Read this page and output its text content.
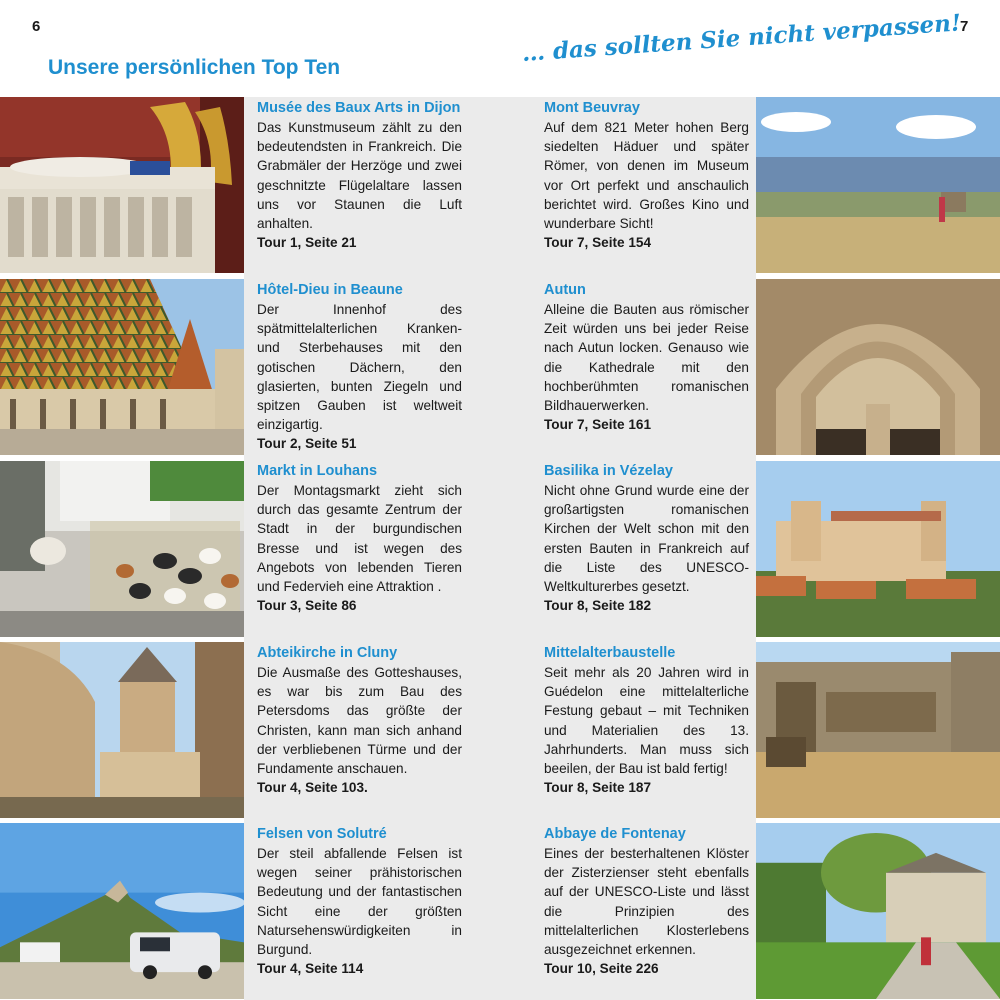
6	7
Unsere persönlichen Top Ten
… das sollten Sie nicht verpassen!
Musée des Baux Arts in Dijon
Das Kunstmuseum zählt zu den bedeutendsten in Frankreich. Die Grabmäler der Herzöge und zwei geschnitzte Flügelaltare lassen uns vor Staunen die Luft anhalten.
Tour 1, Seite 21
Hôtel-Dieu in Beaune
Der Innenhof des spätmittelalterlichen Kranken- und Sterbehauses mit den gotischen Dächern, den glasierten, bunten Ziegeln und spitzen Gauben ist weltweit einzigartig.
Tour 2, Seite 51
Markt in Louhans
Der Montagsmarkt zieht sich durch das gesamte Zentrum der Stadt in der burgundischen Bresse und ist wegen des Angebots von lebenden Tieren und Federvieh eine Attraktion .
Tour 3, Seite 86
Abteikirche in Cluny
Die Ausmaße des Gotteshauses, es war bis zum Bau des Petersdoms das größte der Christen, kann man sich anhand der verbliebenen Türme und der Fundamente anschauen.
Tour 4, Seite 103.
Felsen von Solutré
Der steil abfallende Felsen ist wegen seiner prähistorischen Bedeutung und der fantastischen Sicht eine der größten Natursehenswürdigkeiten in Burgund.
Tour 4, Seite 114
Mont Beuvray
Auf dem 821 Meter hohen Berg siedelten Häduer und später Römer, von denen im Museum vor Ort perfekt und anschaulich berichtet wird. Großes Kino und wunderbare Sicht!
Tour 7, Seite 154
Autun
Alleine die Bauten aus römischer Zeit würden uns bei jeder Reise nach Autun locken. Genauso wie die Kathedrale mit den hochberühmten romanischen Bildhauerwerken.
Tour 7, Seite 161
Basilika in Vézelay
Nicht ohne Grund wurde eine der großartigsten romanischen Kirchen der Welt schon mit den ersten Bauten in Frankreich auf die Liste des UNESCO-Weltkulturerbes gesetzt.
Tour 8, Seite 182
Mittelalterbaustelle
Seit mehr als 20 Jahren wird in Guédelon eine mittelalterliche Festung gebaut – mit Techniken und Materialien des 13. Jahrhunderts. Man muss sich beeilen, der Bau ist bald fertig!
Tour 8, Seite 187
Abbaye de Fontenay
Eines der besterhaltenen Klöster der Zisterzienser steht ebenfalls auf der UNESCO-Liste und lässt die Prinzipien des mittelalterlichen Klosterlebens ausgezeichnet erkennen.
Tour 10, Seite 226
